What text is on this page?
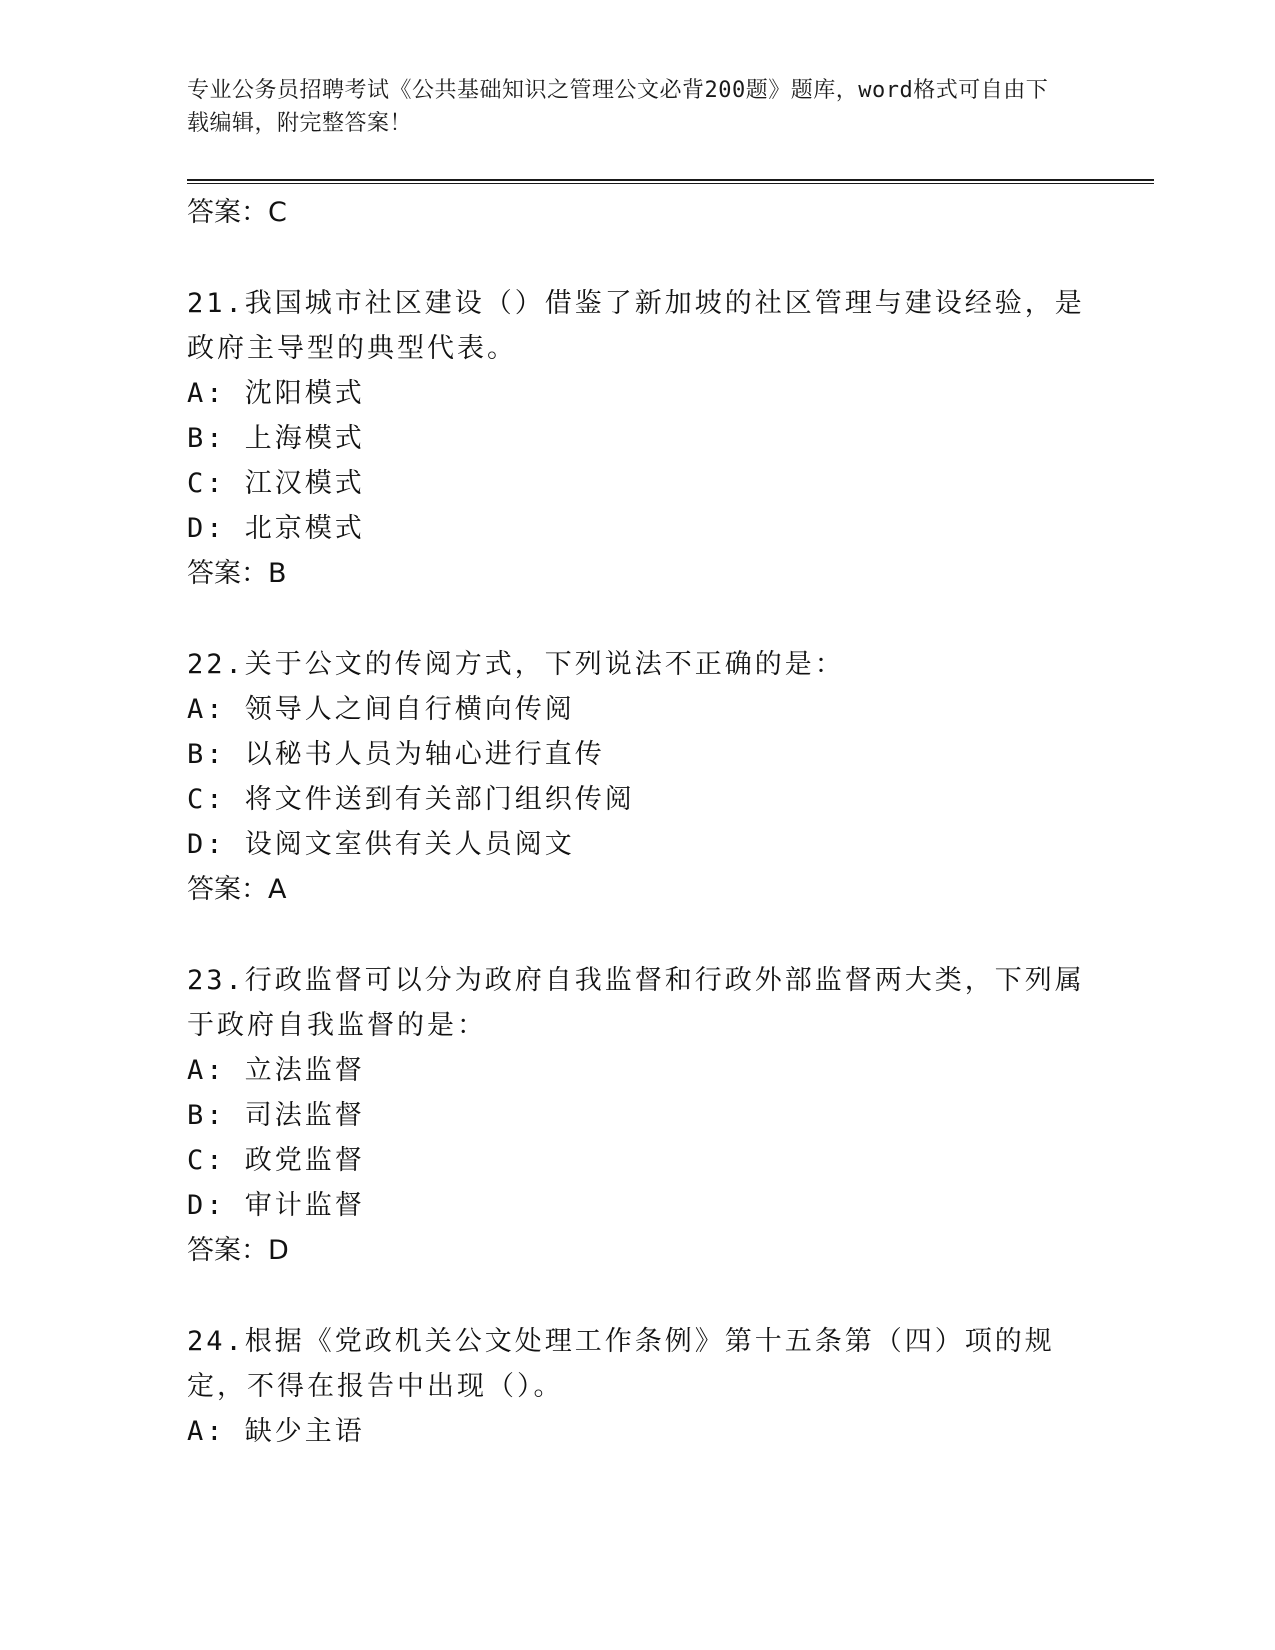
专业公务员招聘考试《公共基础知识之管理公文必背200题》题库，word格式可自由下载编辑，附完整答案！
答案：C
21.我国城市社区建设（）借鉴了新加坡的社区管理与建设经验，是政府主导型的典型代表。
A: 沈阳模式
B: 上海模式
C: 江汉模式
D: 北京模式
答案：B
22.关于公文的传阅方式，下列说法不正确的是：
A: 领导人之间自行横向传阅
B: 以秘书人员为轴心进行直传
C: 将文件送到有关部门组织传阅
D: 设阅文室供有关人员阅文
答案：A
23.行政监督可以分为政府自我监督和行政外部监督两大类，下列属于政府自我监督的是：
A: 立法监督
B: 司法监督
C: 政党监督
D: 审计监督
答案：D
24.根据《党政机关公文处理工作条例》第十五条第（四）项的规定，不得在报告中出现（）。
A: 缺少主语
